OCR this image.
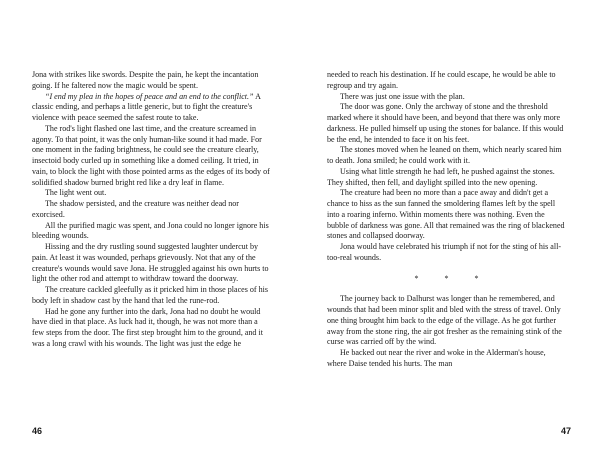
Jona with strikes like swords. Despite the pain, he kept the incantation going. If he faltered now the magic would be spent.

“I end my plea in the hopes of peace and an end to the conflict.” A classic ending, and perhaps a little generic, but to fight the creature's violence with peace seemed the safest route to take.

The rod's light flashed one last time, and the creature screamed in agony. To that point, it was the only human-like sound it had made. For one moment in the fading brightness, he could see the creature clearly, insectoid body curled up in something like a domed ceiling. It tried, in vain, to block the light with those pointed arms as the edges of its body of solidified shadow burned bright red like a dry leaf in flame.

The light went out.

The shadow persisted, and the creature was neither dead nor exorcised.

All the purified magic was spent, and Jona could no longer ignore his bleeding wounds.

Hissing and the dry rustling sound suggested laughter undercut by pain. At least it was wounded, perhaps grievously. Not that any of the creature's wounds would save Jona. He struggled against his own hurts to light the other rod and attempt to withdraw toward the doorway.

The creature cackled gleefully as it pricked him in those places of his body left in shadow cast by the hand that led the rune-rod.

Had he gone any further into the dark, Jona had no doubt he would have died in that place. As luck had it, though, he was not more than a few steps from the door. The first step brought him to the ground, and it was a long crawl with his wounds. The light was just the edge he

46

needed to reach his destination. If he could escape, he would be able to regroup and try again.

There was just one issue with the plan.

The door was gone. Only the archway of stone and the threshold marked where it should have been, and beyond that there was only more darkness. He pulled himself up using the stones for balance. If this would be the end, he intended to face it on his feet.

The stones moved when he leaned on them, which nearly scared him to death. Jona smiled; he could work with it.

Using what little strength he had left, he pushed against the stones. They shifted, then fell, and daylight spilled into the new opening.

The creature had been no more than a pace away and didn't get a chance to hiss as the sun fanned the smoldering flames left by the spell into a roaring inferno. Within moments there was nothing. Even the bubble of darkness was gone. All that remained was the ring of blackened stones and collapsed doorway.

Jona would have celebrated his triumph if not for the sting of his all-too-real wounds.

*	*	*

The journey back to Dalhurst was longer than he remembered, and wounds that had been minor split and bled with the stress of travel. Only one thing brought him back to the edge of the village. As he got further away from the stone ring, the air got fresher as the remaining stink of the curse was carried off by the wind.

He backed out near the river and woke in the Alderman's house, where Daise tended his hurts. The man

47
